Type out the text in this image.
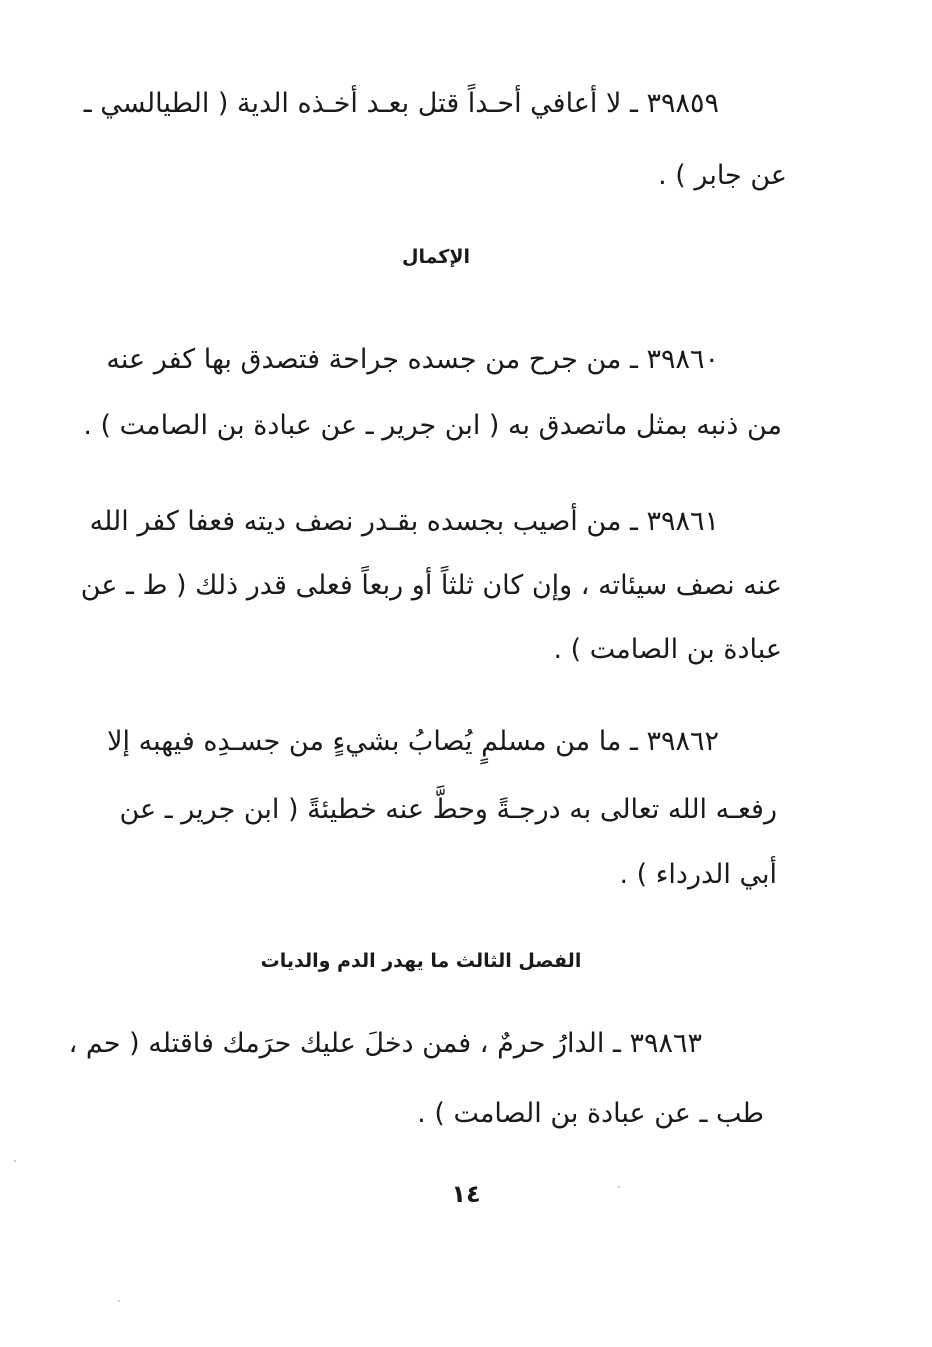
٣٩٨٥٩ ـ لا أعافي أحـداً قتل بعـد أخـذه الدية ( الطيالسي ـ
عن جابر ) .
الإكمال
٣٩٨٦٠ ـ من جرح من جسده جراحة فتصدق بها كفر عنه
من ذنبه بمثل ماتصدق به ( ابن جرير ـ عن عبادة بن الصامت ) .
٣٩٨٦١ ـ من أصيب بجسده بقـدر نصف ديته فعفا كفر الله
عنه نصف سيئاته ، وإن كان ثلثاً أو ربعاً فعلى قدر ذلك ( ط ـ عن
عبادة بن الصامت ) .
٣٩٨٦٢ ـ ما من مسلمٍ يُصابُ بشيءٍ من جسـدِه فيهبه إلا
رفعـه الله تعالى به درجـةً وحطَّ عنه خطيئةً ( ابن جرير ـ عن
أبي الدرداء ) .
الفصل الثالث ما يهدر الدم والديات
٣٩٨٦٣ ـ الدارُ حرمٌ ، فمن دخلَ عليك حرَمك فاقتله ( حم ،
طب ـ عن عبادة بن الصامت ) .
١٤
